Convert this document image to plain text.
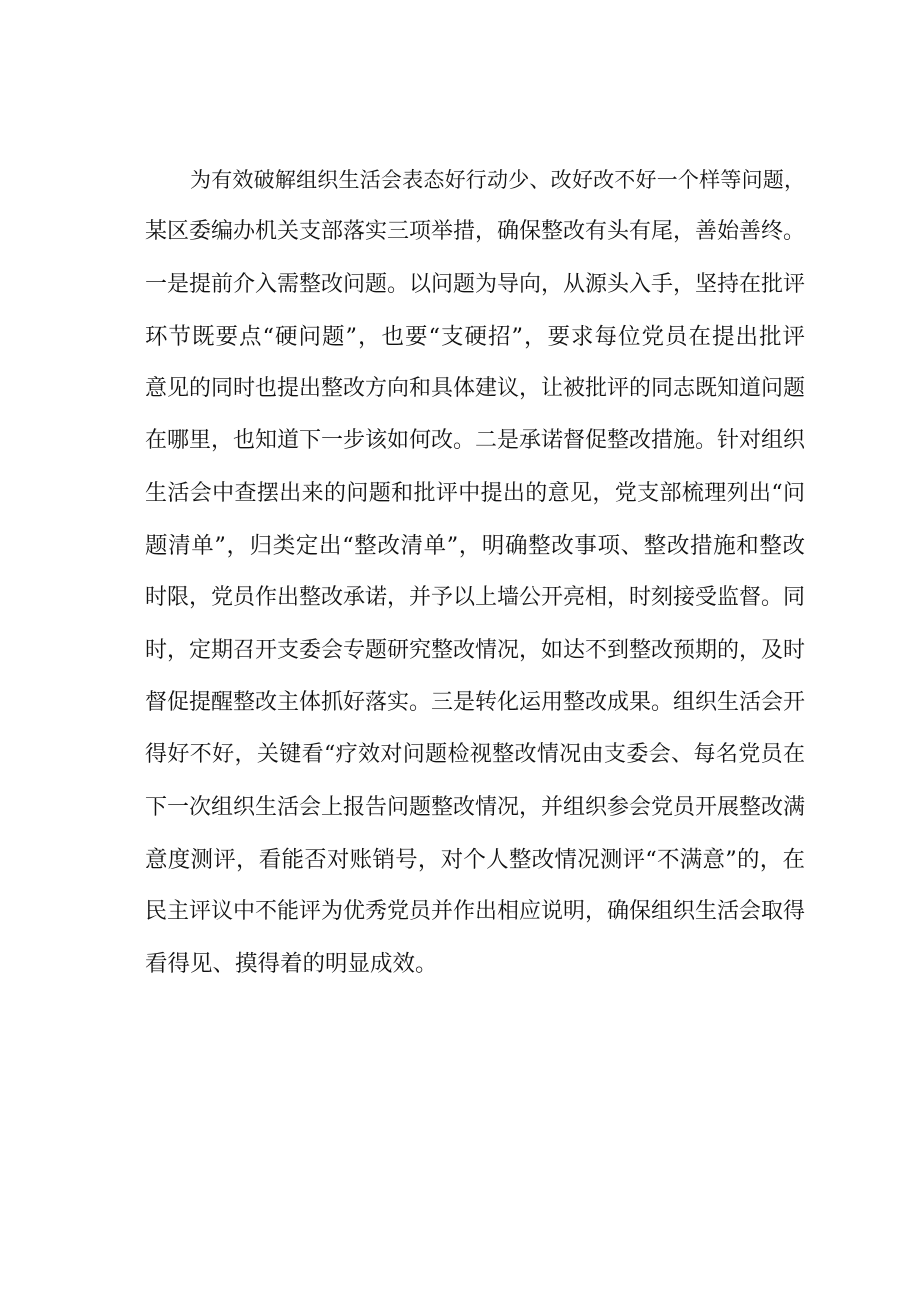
为有效破解组织生活会表态好行动少、改好改不好一个样等问题，
某区委编办机关支部落实三项举措，确保整改有头有尾，善始善终。
一是提前介入需整改问题。以问题为导向，从源头入手，坚持在批评
环节既要点“硬问题”，也要“支硬招”，要求每位党员在提出批评
意见的同时也提出整改方向和具体建议，让被批评的同志既知道问题
在哪里，也知道下一步该如何改。二是承诺督促整改措施。针对组织
生活会中查摆出来的问题和批评中提出的意见，党支部梳理列出“问
题清单”，归类定出“整改清单”，明确整改事项、整改措施和整改
时限，党员作出整改承诺，并予以上墙公开亮相，时刻接受监督。同
时，定期召开支委会专题研究整改情况，如达不到整改预期的，及时
督促提醒整改主体抓好落实。三是转化运用整改成果。组织生活会开
得好不好，关键看“疗效对问题检视整改情况由支委会、每名党员在
下一次组织生活会上报告问题整改情况，并组织参会党员开展整改满
意度测评，看能否对账销号，对个人整改情况测评“不满意”的，在
民主评议中不能评为优秀党员并作出相应说明，确保组织生活会取得
看得见、摸得着的明显成效。
